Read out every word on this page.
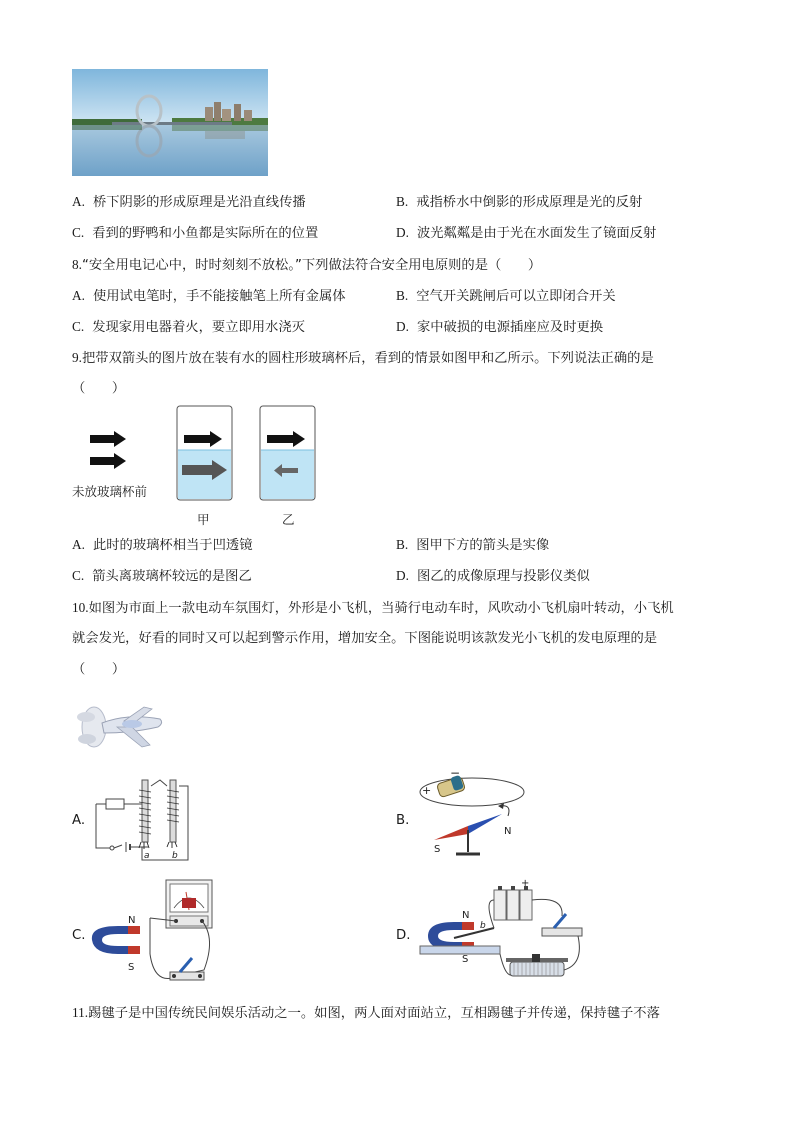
A. 桥下阴影的形成原理是光沿直线传播	B. 戒指桥水中倒影的形成原理是光的反射
C. 看到的野鸭和小鱼都是实际所在的位置	D. 波光粼粼是由于光在水面发生了镜面反射
8.“安全用电记心中，时时刻刻不放松。”下列做法符合安全用电原则的是（　　）
A. 使用试电笔时，手不能接触笔上所有金属体	B. 空气开关跳闸后可以立即闭合开关
C. 发现家用电器着火，要立即用水浇灭	D. 家中破损的电源插座应及时更换
9.把带双箭头的图片放在装有水的圆柱形玻璃杯后，看到的情景如图甲和乙所示。下列说法正确的是
（　　）
未放玻璃杯前
甲	乙
A. 此时的玻璃杯相当于凹透镜	B. 图甲下方的箭头是实像
C. 箭头离玻璃杯较远的是图乙	D. 图乙的成像原理与投影仪类似
10.如图为市面上一款电动车氛围灯，外形是小飞机，当骑行电动车时，风吹动小飞机扇叶转动，小飞机
就会发光，好看的同时又可以起到警示作用，增加安全。下图能说明该款发光小飞机的发电原理的是
（　　）
A.
a b
B.
+
−
S
N
C.
N
S
D.
+
N
S
b
11.踢毽子是中国传统民间娱乐活动之一。如图，两人面对面站立，互相踢毽子并传递，保持毽子不落
